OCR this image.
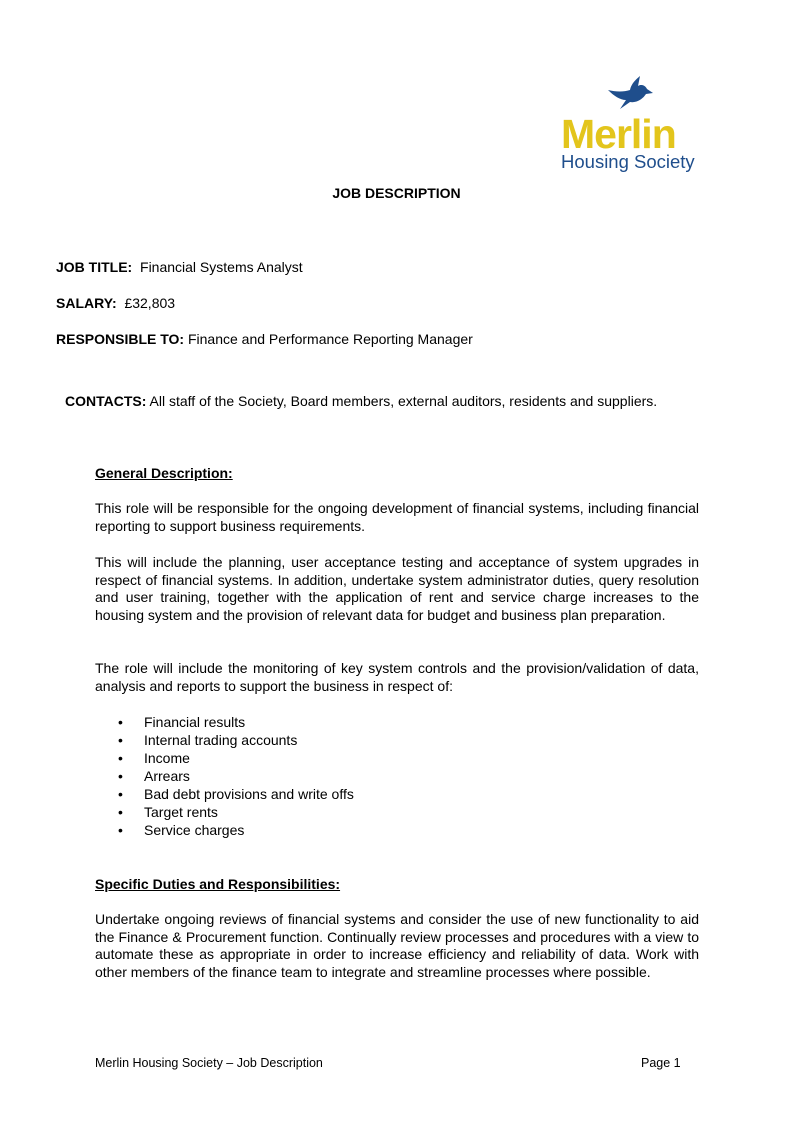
Merlin
Housing Society
JOB DESCRIPTION
JOB TITLE: Financial Systems Analyst
SALARY: £32,803
RESPONSIBLE TO: Finance and Performance Reporting Manager
CONTACTS: All staff of the Society, Board members, external auditors, residents and suppliers.
General Description:

This role will be responsible for the ongoing development of financial systems, including financial reporting to support business requirements.

This will include the planning, user acceptance testing and acceptance of system upgrades in respect of financial systems. In addition, undertake system administrator duties, query resolution and user training, together with the application of rent and service charge increases to the housing system and the provision of relevant data for budget and business plan preparation.

The role will include the monitoring of key system controls and the provision/validation of data, analysis and reports to support the business in respect of:

• Financial results
• Internal trading accounts
• Income
• Arrears
• Bad debt provisions and write offs
• Target rents
• Service charges
Specific Duties and Responsibilities:

Undertake ongoing reviews of financial systems and consider the use of new functionality to aid the Finance & Procurement function. Continually review processes and procedures with a view to automate these as appropriate in order to increase efficiency and reliability of data. Work with other members of the finance team to integrate and streamline processes where possible.

Merlin Housing Society – Job Description	Page 1
